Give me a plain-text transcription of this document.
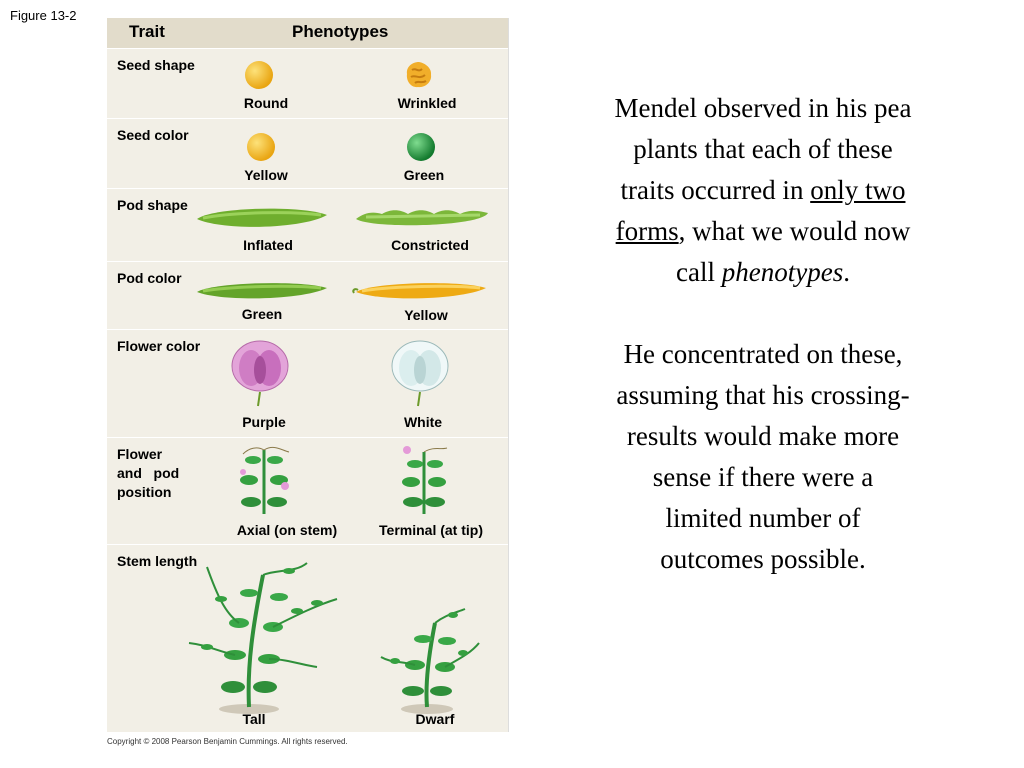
Figure 13-2
Trait	Phenotypes
Seed shape
Round	Wrinkled
Seed color
Yellow	Green
Pod shape
Inflated	Constricted
Pod color
Green	Yellow
Flower color
Purple	White
Flower
and   pod
position
Axial (on stem)	Terminal (at tip)
Stem length
Tall	Dwarf
Copyright © 2008 Pearson Benjamin Cummings. All rights reserved.

Mendel observed in his pea plants that each of these traits occurred in only two forms, what we would now call phenotypes.

He concentrated on these, assuming that his crossing-results would make more sense if there were a limited number of outcomes possible.
